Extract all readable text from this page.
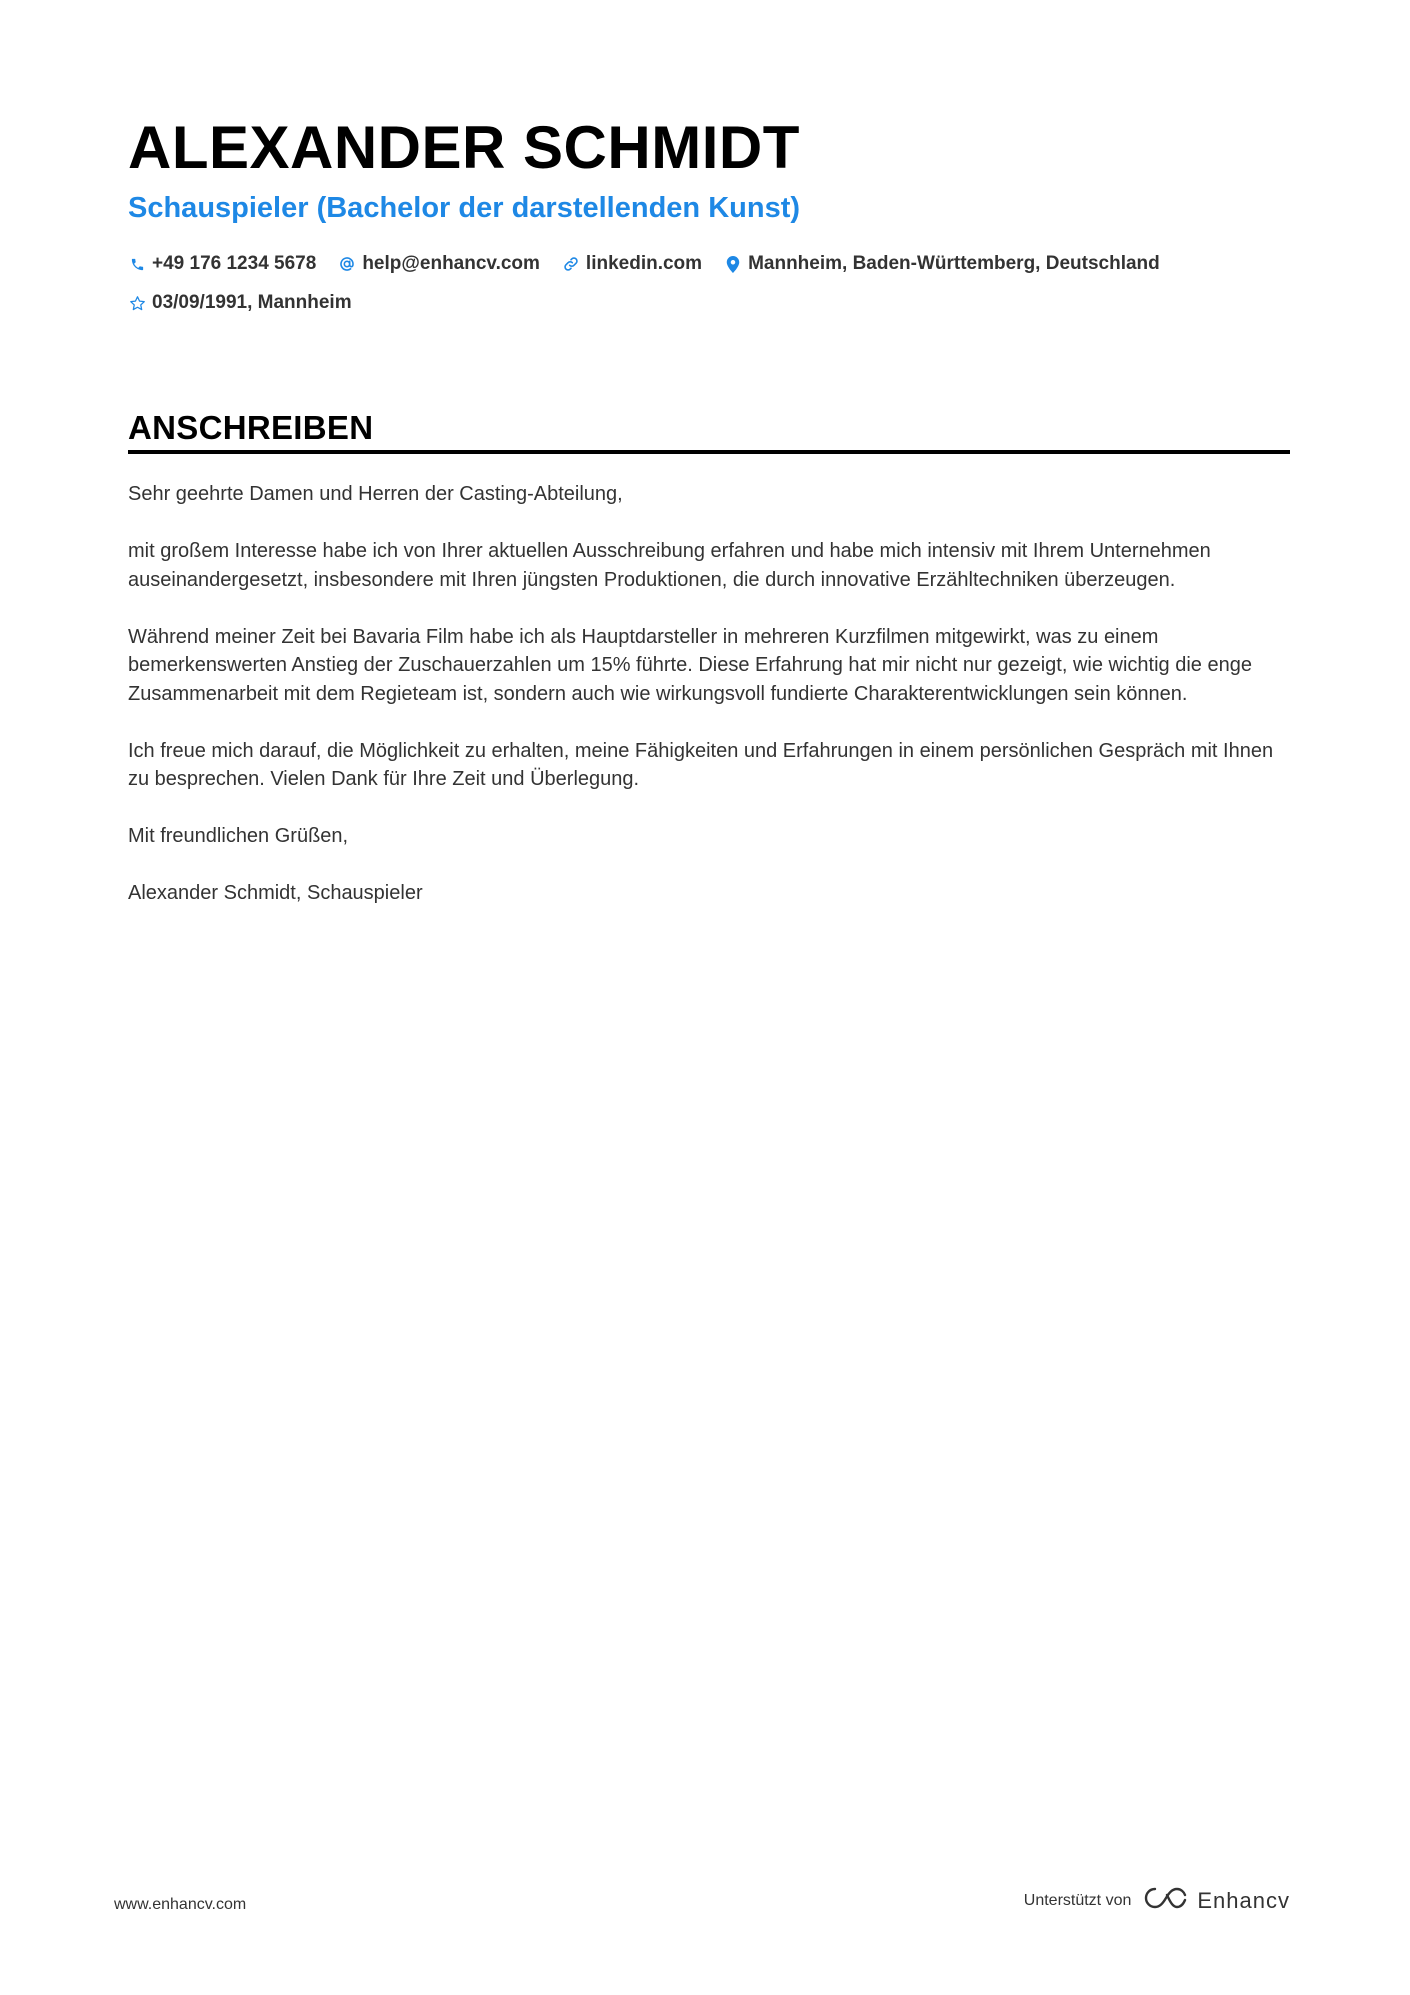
ALEXANDER SCHMIDT
Schauspieler (Bachelor der darstellenden Kunst)
+49 176 1234 5678 help@enhancv.com linkedin.com Mannheim, Baden-Württemberg, Deutschland
03/09/1991, Mannheim
ANSCHREIBEN

Sehr geehrte Damen und Herren der Casting-Abteilung,

mit großem Interesse habe ich von Ihrer aktuellen Ausschreibung erfahren und habe mich intensiv mit Ihrem Unternehmen auseinandergesetzt, insbesondere mit Ihren jüngsten Produktionen, die durch innovative Erzähltechniken überzeugen.

Während meiner Zeit bei Bavaria Film habe ich als Hauptdarsteller in mehreren Kurzfilmen mitgewirkt, was zu einem bemerkenswerten Anstieg der Zuschauerzahlen um 15% führte. Diese Erfahrung hat mir nicht nur gezeigt, wie wichtig die enge Zusammenarbeit mit dem Regieteam ist, sondern auch wie wirkungsvoll fundierte Charakterentwicklungen sein können.

Ich freue mich darauf, die Möglichkeit zu erhalten, meine Fähigkeiten und Erfahrungen in einem persönlichen Gespräch mit Ihnen zu besprechen. Vielen Dank für Ihre Zeit und Überlegung.

Mit freundlichen Grüßen,

Alexander Schmidt, Schauspieler

www.enhancv.com	Unterstützt von	Enhancv
